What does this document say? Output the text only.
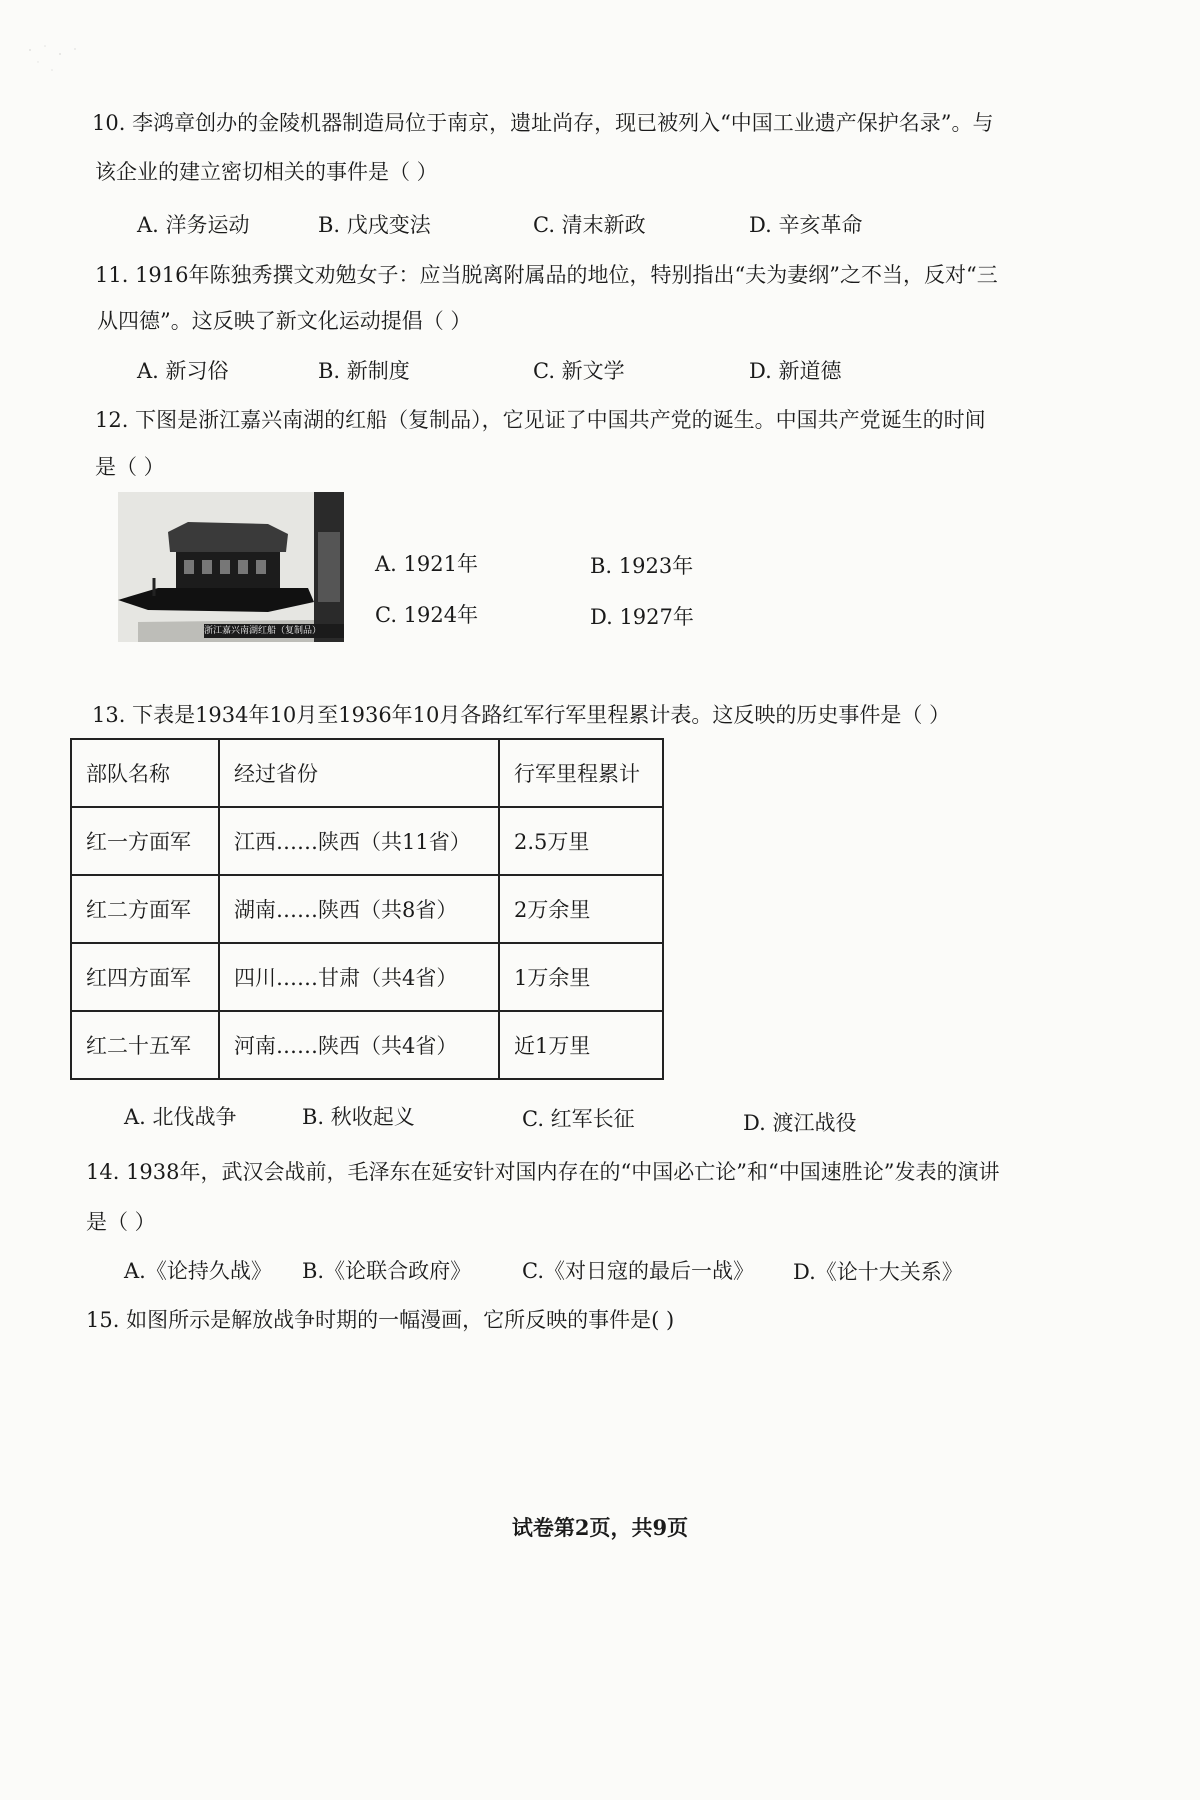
10. 李鸿章创办的金陵机器制造局位于南京，遗址尚存，现已被列入“中国工业遗产保护名录”。与
该企业的建立密切相关的事件是（ ）
A. 洋务运动	B. 戊戌变法	C. 清末新政	D. 辛亥革命
11. 1916年陈独秀撰文劝勉女子：应当脱离附属品的地位，特别指出“夫为妻纲”之不当，反对“三
从四德”。这反映了新文化运动提倡（ ）
A. 新习俗	B. 新制度	C. 新文学	D. 新道德
12. 下图是浙江嘉兴南湖的红船（复制品），它见证了中国共产党的诞生。中国共产党诞生的时间
是（ ）
浙江嘉兴南湖红船（复制品）
A. 1921年	B. 1923年
C. 1924年	D. 1927年
13. 下表是1934年10月至1936年10月各路红军行军里程累计表。这反映的历史事件是（ ）
部队名称	经过省份	行军里程累计
红一方面军	江西……陕西（共11省）	2.5万里
红二方面军	湖南……陕西（共8省）	2万余里
红四方面军	四川……甘肃（共4省）	1万余里
红二十五军	河南……陕西（共4省）	近1万里
A. 北伐战争	B. 秋收起义	C. 红军长征	D. 渡江战役
14. 1938年，武汉会战前，毛泽东在延安针对国内存在的“中国必亡论”和“中国速胜论”发表的演讲
是（ ）
A.《论持久战》 B.《论联合政府》 C.《对日寇的最后一战》 D.《论十大关系》
15. 如图所示是解放战争时期的一幅漫画，它所反映的事件是( )
试卷第2页，共9页
